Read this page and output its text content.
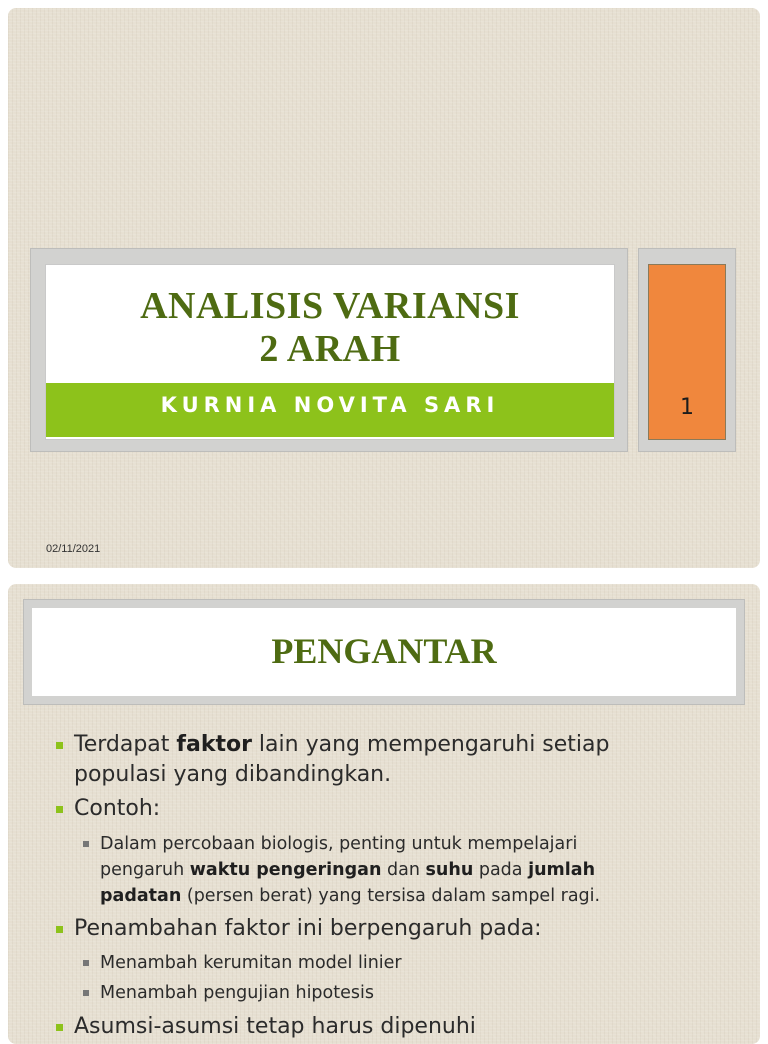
ANALISIS VARIANSI
2 ARAH
KURNIA NOVITA SARI	1
02/11/2021
PENGANTAR
Terdapat faktor lain yang mempengaruhi setiap
populasi yang dibandingkan.
Contoh:
Dalam percobaan biologis, penting untuk mempelajari
pengaruh waktu pengeringan dan suhu pada jumlah
padatan (persen berat) yang tersisa dalam sampel ragi.
Penambahan faktor ini berpengaruh pada:
Menambah kerumitan model linier
Menambah pengujian hipotesis
Asumsi-asumsi tetap harus dipenuhi
